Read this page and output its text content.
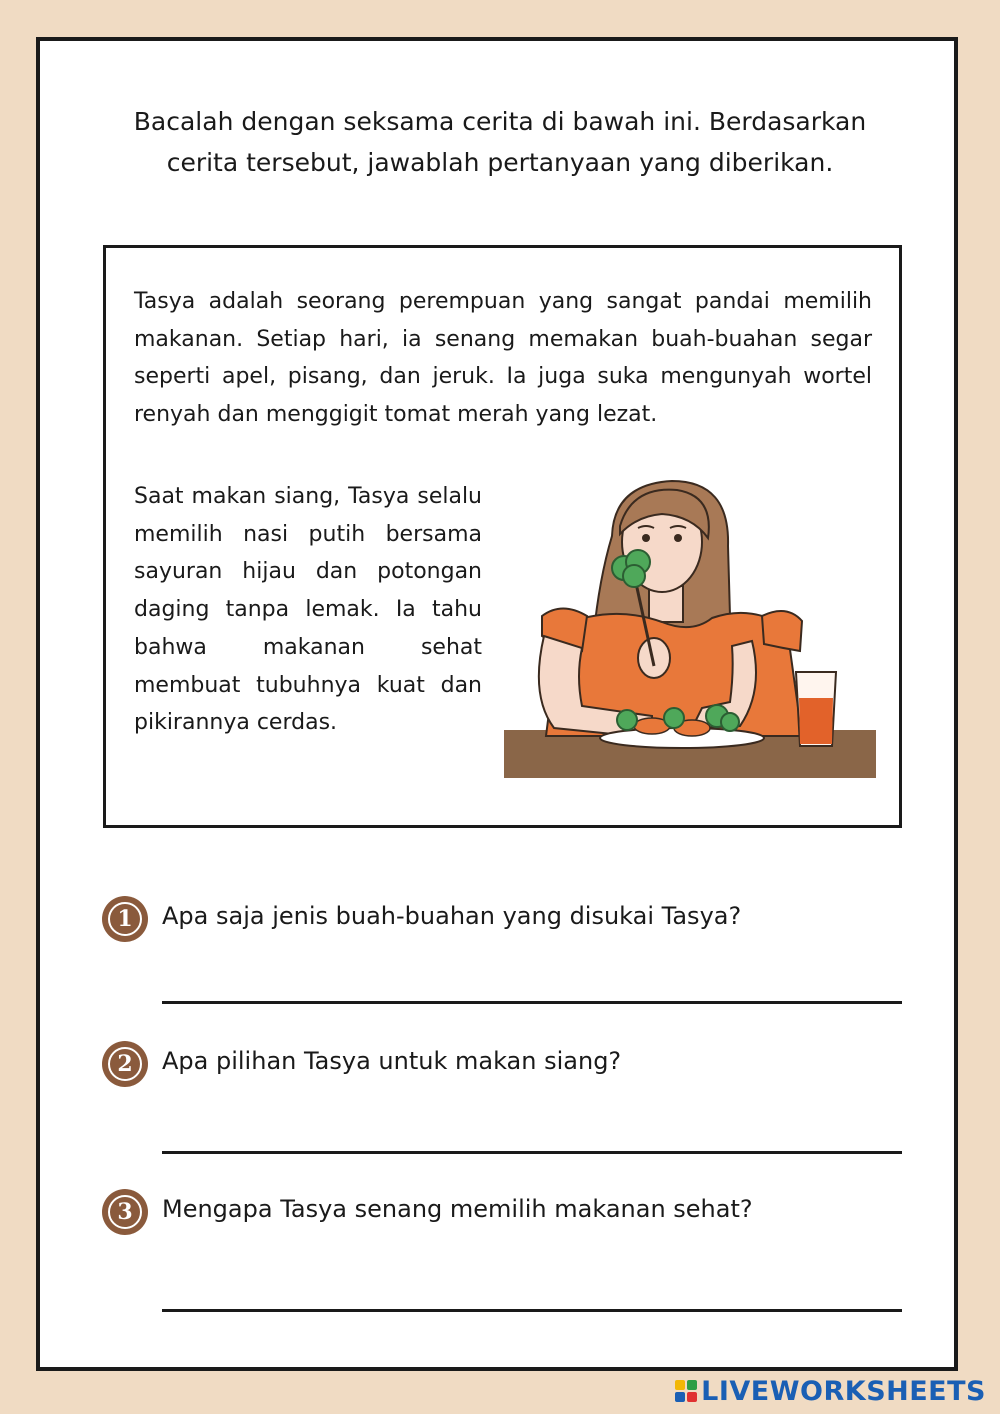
Bacalah dengan seksama cerita di bawah ini. Berdasarkan cerita tersebut, jawablah pertanyaan yang diberikan.
Tasya adalah seorang perempuan yang sangat pandai memilih makanan. Setiap hari, ia senang memakan buah-buahan segar seperti apel, pisang, dan jeruk. Ia juga suka mengunyah wortel renyah dan menggigit tomat merah yang lezat.
Saat makan siang, Tasya selalu memilih nasi putih bersama sayuran hijau dan potongan daging tanpa lemak. Ia tahu bahwa makanan sehat membuat tubuhnya kuat dan pikirannya cerdas.
1	Apa saja jenis buah-buahan yang disukai Tasya?
2	Apa pilihan Tasya untuk makan siang?
3	Mengapa Tasya senang memilih makanan sehat?
LIVEWORKSHEETS
